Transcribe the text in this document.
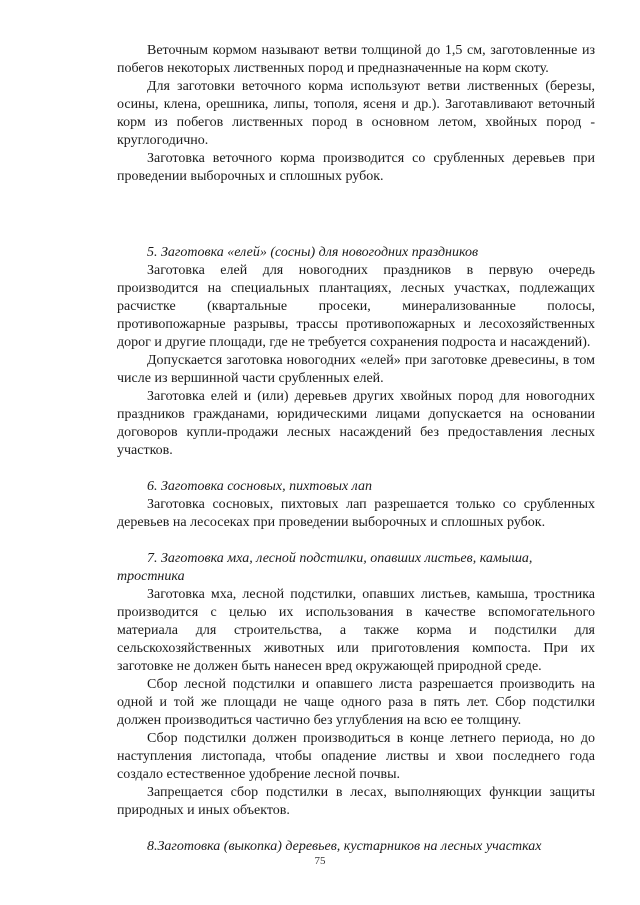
Веточным кормом называют ветви толщиной до 1,5 см, заготовленные из побегов некоторых лиственных пород и предназначенные на корм скоту.

Для заготовки веточного корма используют ветви лиственных (березы, осины, клена, орешника, липы, тополя, ясеня и др.). Заготавливают веточный корм из побегов лиственных пород в основном летом, хвойных пород - круглогодично.

Заготовка веточного корма производится со срубленных деревьев при проведении выборочных и сплошных рубок.

5. Заготовка «елей» (сосны) для новогодних праздников

Заготовка елей для новогодних праздников в первую очередь производится на специальных плантациях, лесных участках, подлежащих расчистке (квартальные просеки, минерализованные полосы, противопожарные разрывы, трассы противопожарных и лесохозяйственных дорог и другие площади, где не требуется сохранения подроста и насаждений).

Допускается заготовка новогодних «елей» при заготовке древесины, в том числе из вершинной части срубленных елей.

Заготовка елей и (или) деревьев других хвойных пород для новогодних праздников гражданами, юридическими лицами допускается на основании договоров купли-продажи лесных насаждений без предоставления лесных участков.

6. Заготовка сосновых, пихтовых лап

Заготовка сосновых, пихтовых лап разрешается только со срубленных деревьев на лесосеках при проведении выборочных и сплошных рубок.

7. Заготовка мха, лесной подстилки, опавших листьев, камыша, тростника

Заготовка мха, лесной подстилки, опавших листьев, камыша, тростника производится с целью их использования в качестве вспомогательного материала для строительства, а также корма и подстилки для сельскохозяйственных животных или приготовления компоста. При их заготовке не должен быть нанесен вред окружающей природной среде.

Сбор лесной подстилки и опавшего листа разрешается производить на одной и той же площади не чаще одного раза в пять лет. Сбор подстилки должен производиться частично без углубления на всю ее толщину.

Сбор подстилки должен производиться в конце летнего периода, но до наступления листопада, чтобы опадение листвы и хвои последнего года создало естественное удобрение лесной почвы.

Запрещается сбор подстилки в лесах, выполняющих функции защиты природных и иных объектов.

8.Заготовка (выкопка) деревьев, кустарников на лесных участках
75
